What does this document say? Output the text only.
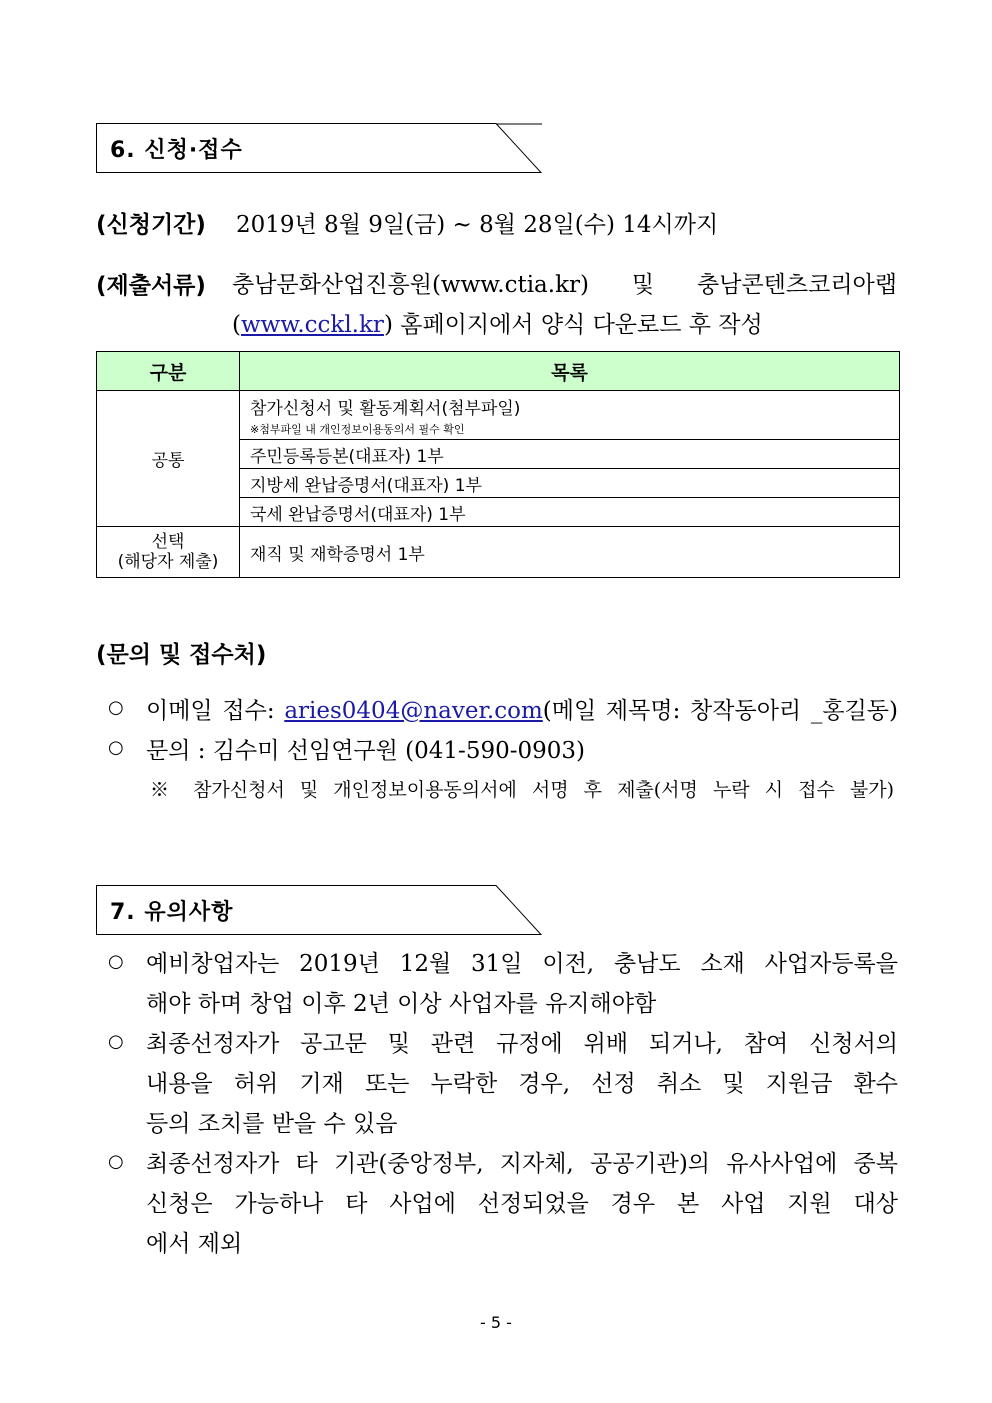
6. 신청·접수
(신청기간) 2019년 8월 9일(금) ~ 8월 28일(수) 14시까지
(제출서류) 충남문화산업진흥원(www.ctia.kr) 및 충남콘텐츠코리아랩
(www.cckl.kr) 홈페이지에서 양식 다운로드 후 작성
구분	목록
공통	참가신청서 및 활동계획서(첨부파일)
※첨부파일 내 개인정보이용동의서 필수 확인

	주민등록등본(대표자) 1부
	지방세 완납증명서(대표자) 1부
	국세 완납증명서(대표자) 1부
선택
(해당자 제출)	재직 및 재학증명서 1부
(문의 및 접수처)
○ 이메일 접수: aries0404@naver.com(메일 제목명: 창작동아리 _홍길동)
○ 문의 : 김수미 선임연구원 (041-590-0903)
※ 참가신청서 및 개인정보이용동의서에 서명 후 제출(서명 누락 시 접수 불가)
7. 유의사항
○ 예비창업자는 2019년 12월 31일 이전, 충남도 소재 사업자등록을
해야 하며 창업 이후 2년 이상 사업자를 유지해야함
○ 최종선정자가 공고문 및 관련 규정에 위배 되거나, 참여 신청서의
내용을 허위 기재 또는 누락한 경우, 선정 취소 및 지원금 환수
등의 조치를 받을 수 있음
○ 최종선정자가 타 기관(중앙정부, 지자체, 공공기관)의 유사사업에 중복
신청은 가능하나 타 사업에 선정되었을 경우 본 사업 지원 대상
에서 제외
- 5 -
